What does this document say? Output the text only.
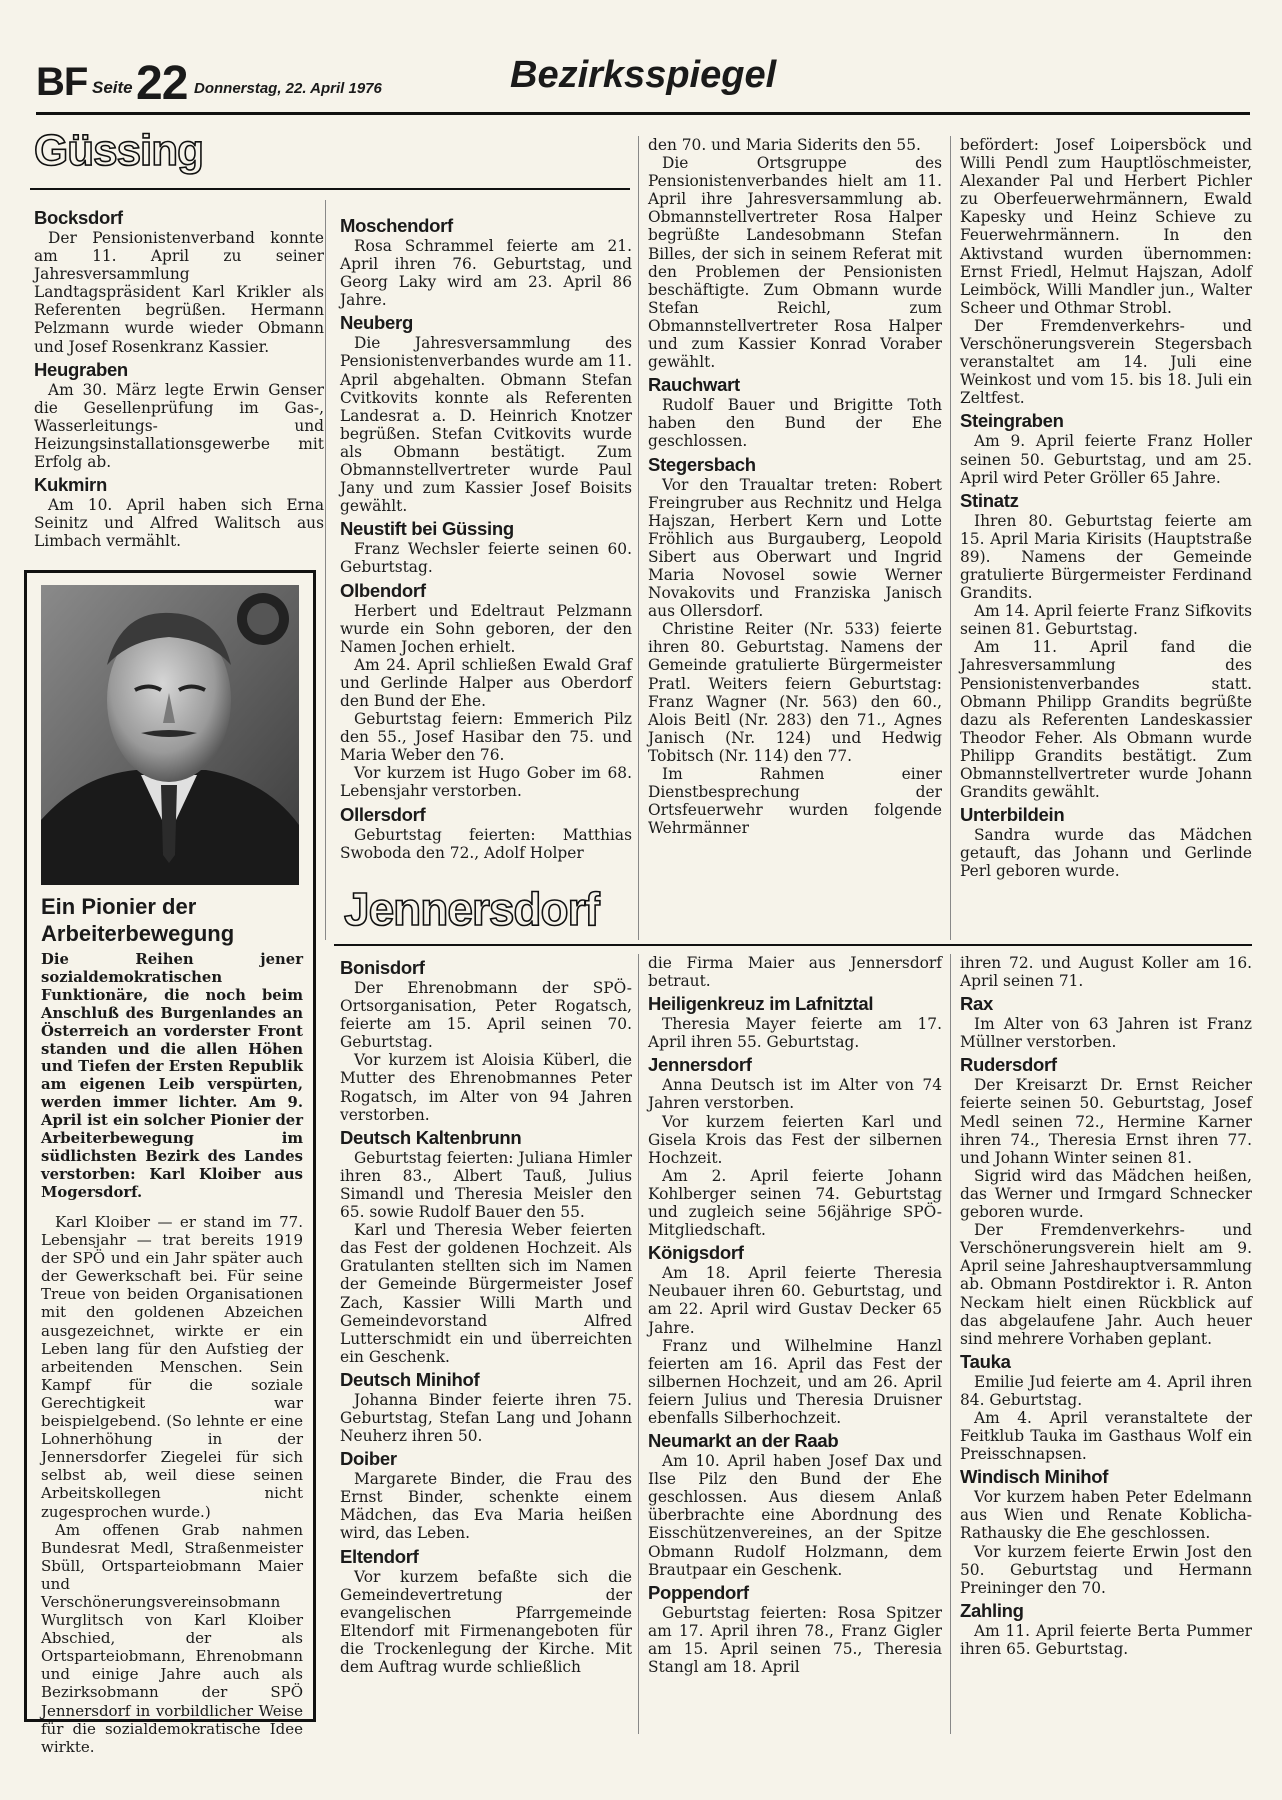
BF Seite 22 Donnerstag, 22. April 1976	Bezirksspiegel
Güssing
Bocksdorf

Der Pensionistenverband konnte am 11. April zu seiner Jahresversammlung Landtagspräsident Karl Krikler als Referenten begrüßen. Hermann Pelzmann wurde wieder Obmann und Josef Rosenkranz Kassier.

Heugraben

Am 30. März legte Erwin Genser die Gesellenprüfung im Gas-, Wasserleitungs- und Heizungsinstallationsgewerbe mit Erfolg ab.

Kukmirn

Am 10. April haben sich Erna Seinitz und Alfred Walitsch aus Limbach vermählt.

Ein Pionier der
Arbeiterbewegung
Die Reihen jener sozialdemokratischen Funktionäre, die noch beim Anschluß des Burgenlandes an Österreich an vorderster Front standen und die allen Höhen und Tiefen der Ersten Republik am eigenen Leib verspürten, werden immer lichter. Am 9. April ist ein solcher Pionier der Arbeiterbewegung im südlichsten Bezirk des Landes verstorben: Karl Kloiber aus Mogersdorf.

Karl Kloiber — er stand im 77. Lebensjahr — trat bereits 1919 der SPÖ und ein Jahr später auch der Gewerkschaft bei. Für seine Treue von beiden Organisationen mit den goldenen Abzeichen ausgezeichnet, wirkte er ein Leben lang für den Aufstieg der arbeitenden Menschen. Sein Kampf für die soziale Gerechtigkeit war beispielgebend. (So lehnte er eine Lohnerhöhung in der Jennersdorfer Ziegelei für sich selbst ab, weil diese seinen Arbeitskollegen nicht zugesprochen wurde.)

Am offenen Grab nahmen Bundesrat Medl, Straßenmeister Sbüll, Ortsparteiobmann Maier und Verschönerungsvereinsobmann Wurglitsch von Karl Kloiber Abschied, der als Ortsparteiobmann, Ehrenobmann und einige Jahre auch als Bezirksobmann der SPÖ Jennersdorf in vorbildlicher Weise für die sozialdemokratische Idee wirkte.

Moschendorf

Rosa Schrammel feierte am 21. April ihren 76. Geburtstag, und Georg Laky wird am 23. April 86 Jahre.

Neuberg

Die Jahresversammlung des Pensionistenverbandes wurde am 11. April abgehalten. Obmann Stefan Cvitkovits konnte als Referenten Landesrat a. D. Heinrich Knotzer begrüßen. Stefan Cvitkovits wurde als Obmann bestätigt. Zum Obmannstellvertreter wurde Paul Jany und zum Kassier Josef Boisits gewählt.

Neustift bei Güssing

Franz Wechsler feierte seinen 60. Geburtstag.

Olbendorf

Herbert und Edeltraut Pelzmann wurde ein Sohn geboren, der den Namen Jochen erhielt.

Am 24. April schließen Ewald Graf und Gerlinde Halper aus Oberdorf den Bund der Ehe.

Geburtstag feiern: Emmerich Pilz den 55., Josef Hasibar den 75. und Maria Weber den 76.

Vor kurzem ist Hugo Gober im 68. Lebensjahr verstorben.

Ollersdorf

Geburtstag feierten: Matthias Swoboda den 72., Adolf Holper

den 70. und Maria Siderits den 55.

Die Ortsgruppe des Pensionistenverbandes hielt am 11. April ihre Jahresversammlung ab. Obmannstellvertreter Rosa Halper begrüßte Landesobmann Stefan Billes, der sich in seinem Referat mit den Problemen der Pensionisten beschäftigte. Zum Obmann wurde Stefan Reichl, zum Obmannstellvertreter Rosa Halper und zum Kassier Konrad Voraber gewählt.

Rauchwart

Rudolf Bauer und Brigitte Toth haben den Bund der Ehe geschlossen.

Stegersbach

Vor den Traualtar treten: Robert Freingruber aus Rechnitz und Helga Hajszan, Herbert Kern und Lotte Fröhlich aus Burgauberg, Leopold Sibert aus Oberwart und Ingrid Maria Novosel sowie Werner Novakovits und Franziska Janisch aus Ollersdorf.

Christine Reiter (Nr. 533) feierte ihren 80. Geburtstag. Namens der Gemeinde gratulierte Bürgermeister Pratl. Weiters feiern Geburtstag: Franz Wagner (Nr. 563) den 60., Alois Beitl (Nr. 283) den 71., Agnes Janisch (Nr. 124) und Hedwig Tobitsch (Nr. 114) den 77.

Im Rahmen einer Dienstbesprechung der Ortsfeuerwehr wurden folgende Wehrmänner

befördert: Josef Loipersböck und Willi Pendl zum Hauptlöschmeister, Alexander Pal und Herbert Pichler zu Oberfeuerwehrmännern, Ewald Kapesky und Heinz Schieve zu Feuerwehrmännern. In den Aktivstand wurden übernommen: Ernst Friedl, Helmut Hajszan, Adolf Leimböck, Willi Mandler jun., Walter Scheer und Othmar Strobl.

Der Fremdenverkehrs- und Verschönerungsverein Stegersbach veranstaltet am 14. Juli eine Weinkost und vom 15. bis 18. Juli ein Zeltfest.

Steingraben

Am 9. April feierte Franz Holler seinen 50. Geburtstag, und am 25. April wird Peter Gröller 65 Jahre.

Stinatz

Ihren 80. Geburtstag feierte am 15. April Maria Kirisits (Hauptstraße 89). Namens der Gemeinde gratulierte Bürgermeister Ferdinand Grandits.

Am 14. April feierte Franz Sifkovits seinen 81. Geburtstag.

Am 11. April fand die Jahresversammlung des Pensionistenverbandes statt. Obmann Philipp Grandits begrüßte dazu als Referenten Landeskassier Theodor Feher. Als Obmann wurde Philipp Grandits bestätigt. Zum Obmannstellvertreter wurde Johann Grandits gewählt.

Unterbildein

Sandra wurde das Mädchen getauft, das Johann und Gerlinde Perl geboren wurde.

Jennersdorf
Bonisdorf

Der Ehrenobmann der SPÖ-Ortsorganisation, Peter Rogatsch, feierte am 15. April seinen 70. Geburtstag.

Vor kurzem ist Aloisia Küberl, die Mutter des Ehrenobmannes Peter Rogatsch, im Alter von 94 Jahren verstorben.

Deutsch Kaltenbrunn

Geburtstag feierten: Juliana Himler ihren 83., Albert Tauß, Julius Simandl und Theresia Meisler den 65. sowie Rudolf Bauer den 55.

Karl und Theresia Weber feierten das Fest der goldenen Hochzeit. Als Gratulanten stellten sich im Namen der Gemeinde Bürgermeister Josef Zach, Kassier Willi Marth und Gemeindevorstand Alfred Lutterschmidt ein und überreichten ein Geschenk.

Deutsch Minihof

Johanna Binder feierte ihren 75. Geburtstag, Stefan Lang und Johann Neuherz ihren 50.

Doiber

Margarete Binder, die Frau des Ernst Binder, schenkte einem Mädchen, das Eva Maria heißen wird, das Leben.

Eltendorf

Vor kurzem befaßte sich die Gemeindevertretung der evangelischen Pfarrgemeinde Eltendorf mit Firmenangeboten für die Trockenlegung der Kirche. Mit dem Auftrag wurde schließlich

die Firma Maier aus Jennersdorf betraut.

Heiligenkreuz im Lafnitztal

Theresia Mayer feierte am 17. April ihren 55. Geburtstag.

Jennersdorf

Anna Deutsch ist im Alter von 74 Jahren verstorben.

Vor kurzem feierten Karl und Gisela Krois das Fest der silbernen Hochzeit.

Am 2. April feierte Johann Kohlberger seinen 74. Geburtstag und zugleich seine 56jährige SPÖ-Mitgliedschaft.

Königsdorf

Am 18. April feierte Theresia Neubauer ihren 60. Geburtstag, und am 22. April wird Gustav Decker 65 Jahre.

Franz und Wilhelmine Hanzl feierten am 16. April das Fest der silbernen Hochzeit, und am 26. April feiern Julius und Theresia Druisner ebenfalls Silberhochzeit.

Neumarkt an der Raab

Am 10. April haben Josef Dax und Ilse Pilz den Bund der Ehe geschlossen. Aus diesem Anlaß überbrachte eine Abordnung des Eisschützenvereines, an der Spitze Obmann Rudolf Holzmann, dem Brautpaar ein Geschenk.

Poppendorf

Geburtstag feierten: Rosa Spitzer am 17. April ihren 78., Franz Gigler am 15. April seinen 75., Theresia Stangl am 18. April

ihren 72. und August Koller am 16. April seinen 71.

Rax

Im Alter von 63 Jahren ist Franz Müllner verstorben.

Rudersdorf

Der Kreisarzt Dr. Ernst Reicher feierte seinen 50. Geburtstag, Josef Medl seinen 72., Hermine Karner ihren 74., Theresia Ernst ihren 77. und Johann Winter seinen 81.

Sigrid wird das Mädchen heißen, das Werner und Irmgard Schnecker geboren wurde.

Der Fremdenverkehrs- und Verschönerungsverein hielt am 9. April seine Jahreshauptversammlung ab. Obmann Postdirektor i. R. Anton Neckam hielt einen Rückblick auf das abgelaufene Jahr. Auch heuer sind mehrere Vorhaben geplant.

Tauka

Emilie Jud feierte am 4. April ihren 84. Geburtstag.

Am 4. April veranstaltete der Feitklub Tauka im Gasthaus Wolf ein Preisschnapsen.

Windisch Minihof

Vor kurzem haben Peter Edelmann aus Wien und Renate Koblicha-Rathausky die Ehe geschlossen.

Vor kurzem feierte Erwin Jost den 50. Geburtstag und Hermann Preininger den 70.

Zahling

Am 11. April feierte Berta Pummer ihren 65. Geburtstag.
